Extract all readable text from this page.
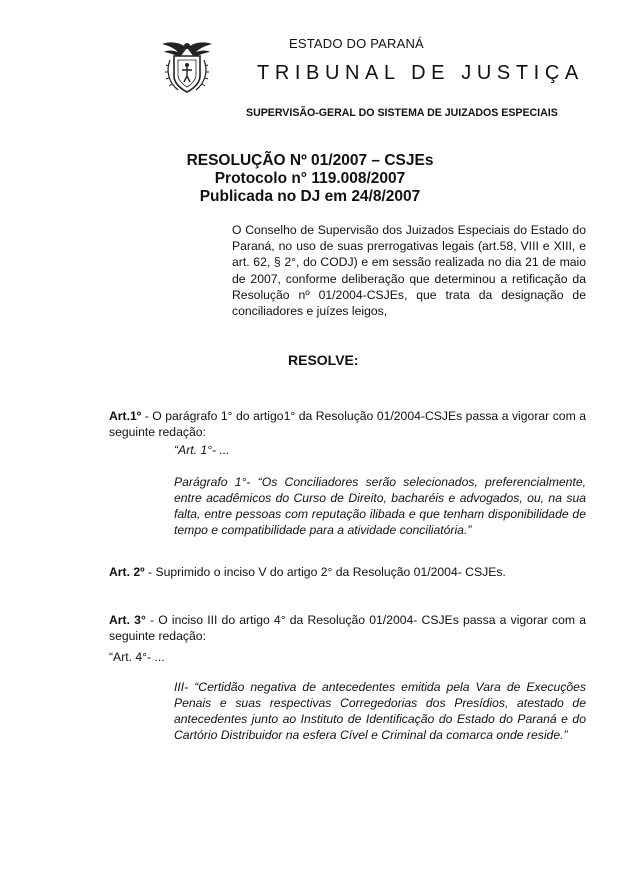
ESTADO DO PARANÁ
TRIBUNAL DE JUSTIÇA
SUPERVISÃO-GERAL DO SISTEMA DE JUIZADOS ESPECIAIS
RESOLUÇÃO Nº 01/2007 – CSJEs
Protocolo n° 119.008/2007
Publicada no DJ em 24/8/2007

O Conselho de Supervisão dos Juizados Especiais do Estado do Paraná, no uso de suas prerrogativas legais (art.58, VIII e XIII, e art. 62, § 2°, do CODJ) e em sessão realizada no dia 21 de maio de 2007, conforme deliberação que determinou a retificação da Resolução nº 01/2004-CSJEs, que trata da designação de conciliadores e juízes leigos,

RESOLVE:

Art.1º - O parágrafo 1° do artigo1° da Resolução 01/2004-CSJEs passa a vigorar com a seguinte redação:

“Art. 1°- ...

Parágrafo 1°- “Os Conciliadores serão selecionados, preferencialmente, entre acadêmicos do Curso de Direito, bacharéis e advogados, ou, na sua falta, entre pessoas com reputação ilibada e que tenham disponibilidade de tempo e compatibilidade para a atividade conciliatória.”

Art. 2º - Suprimido o inciso V do artigo 2° da Resolução 01/2004- CSJEs.

Art. 3° - O inciso III do artigo 4° da Resolução 01/2004- CSJEs passa a vigorar com a seguinte redação:

“Art. 4°- ...

III- “Certidão negativa de antecedentes emitida pela Vara de Execuções Penais e suas respectivas Corregedorias dos Presídios, atestado de antecedentes junto ao Instituto de Identificação do Estado do Paraná e do Cartório Distribuidor na esfera Cível e Criminal da comarca onde reside.”
